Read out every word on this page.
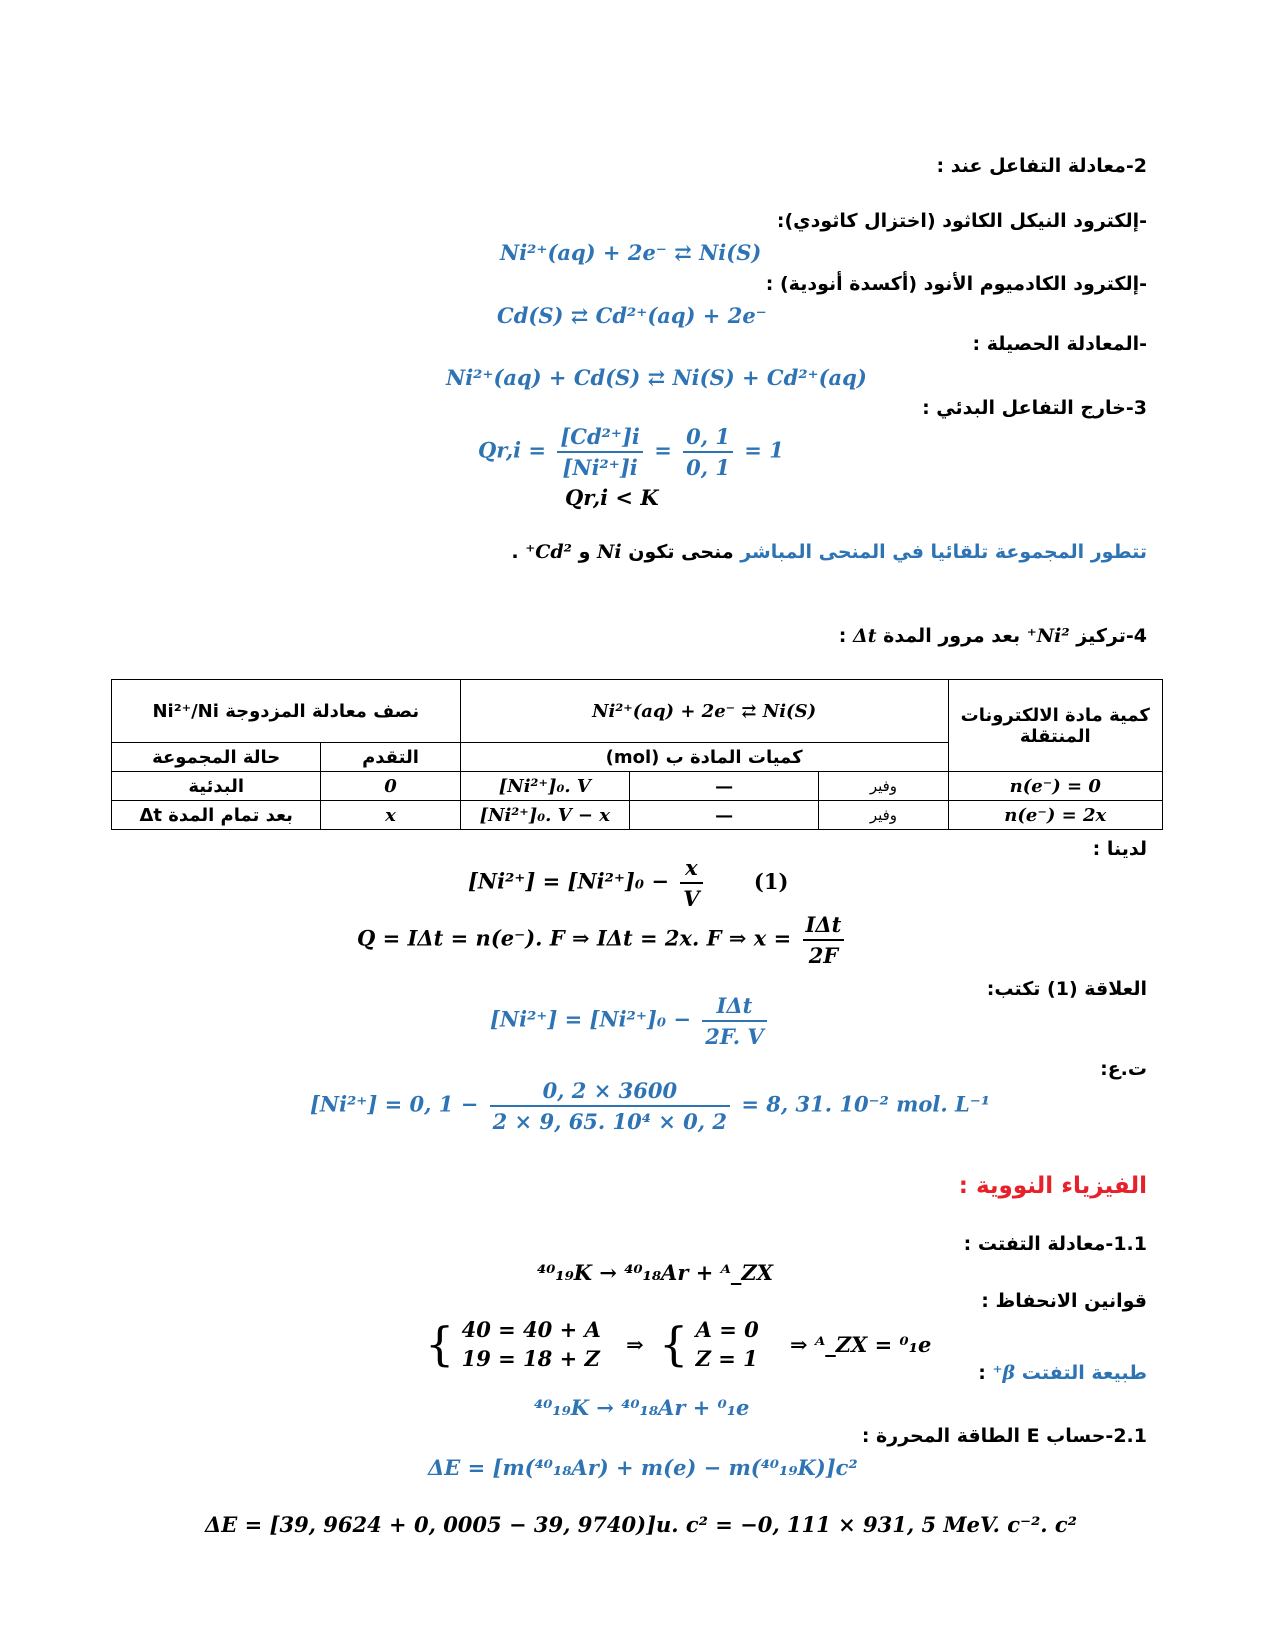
2-معادلة التفاعل عند :
-إلكترود النيكل الكاثود (اختزال كاثودي):
Ni²⁺(aq) + 2e⁻ ⇄ Ni(S)
-إلكترود الكادميوم الأنود (أكسدة أنودية) :
Cd(S) ⇄ Cd²⁺(aq) + 2e⁻
-المعادلة الحصيلة :
Ni²⁺(aq) + Cd(S) ⇄ Ni(S) + Cd²⁺(aq)
3-خارج التفاعل البدئي :
$Qr,i = \frac{\text{[Cd²⁺]i}}{\text{[Ni²⁺]i}} = \frac{0, 1}{0, 1} = 1$
Qr,i < K
تتطور المجموعة تلقائيا في المنحى المباشر منحى تكون Ni و Cd²⁺ .
4-تركيز Ni²⁺ بعد مرور المدة Δt :
نصف معادلة المزدوجة Ni²⁺/Ni		Ni²⁺(aq) + 2e⁻ ⇄ Ni(S)			كمية مادة الالكترونات المنتقلة
حالة المجموعة	التقدم	كميات المادة ب (mol)			
البدئية	0	[Ni²⁺]₀. V	—	وفير	n(e⁻) = 0
بعد تمام المدة Δt	x	[Ni²⁺]₀. V − x	—	وفير	n(e⁻) = 2x
لدينا :
$[Ni^{2+}] = [Ni^{2+}]_0 - \frac{x}{V} (1)$
Q = IΔt = n(e⁻). F ⇒ IΔt = 2x. F ⇒ $x = \frac{\text{IΔt}}{2F}$
العلاقة (1) تكتب:
$[Ni^{2+}] = [Ni^{2+}]_0 - \frac{\text{IΔt}}{2F. V}$
ت.ع:
[Ni²⁺] = 0, $1 - \frac{0, 2 \times 3600}{\text{2 × 9, 65. 10⁴ × 0, 2}} = 8$, 31. 10⁻² mol. L⁻¹
الفيزياء النووية :
1.1-معادلة التفتت :
⁴⁰₁₉K → ⁴⁰₁₈Ar + ᴬ_ZX
قوانين الانحفاظ :
{ 40 = 40 + A
19 = 18 + Z
⇒ { A = 0
Z = 1
⇒ ᴬ_ZX = ⁰₁e
طبيعة التفتت β⁺ :
⁴⁰₁₉K → ⁴⁰₁₈Ar + ⁰₁e
2.1-حساب E الطاقة المحررة :
ΔE = [m(⁴⁰₁₈Ar) + m(e) − m(⁴⁰₁₉K)]c²
ΔE = [39, 9624 + 0, 0005 − 39, 9740)]u. c² = −0, 111 × 931, 5 MeV. c⁻². c²
